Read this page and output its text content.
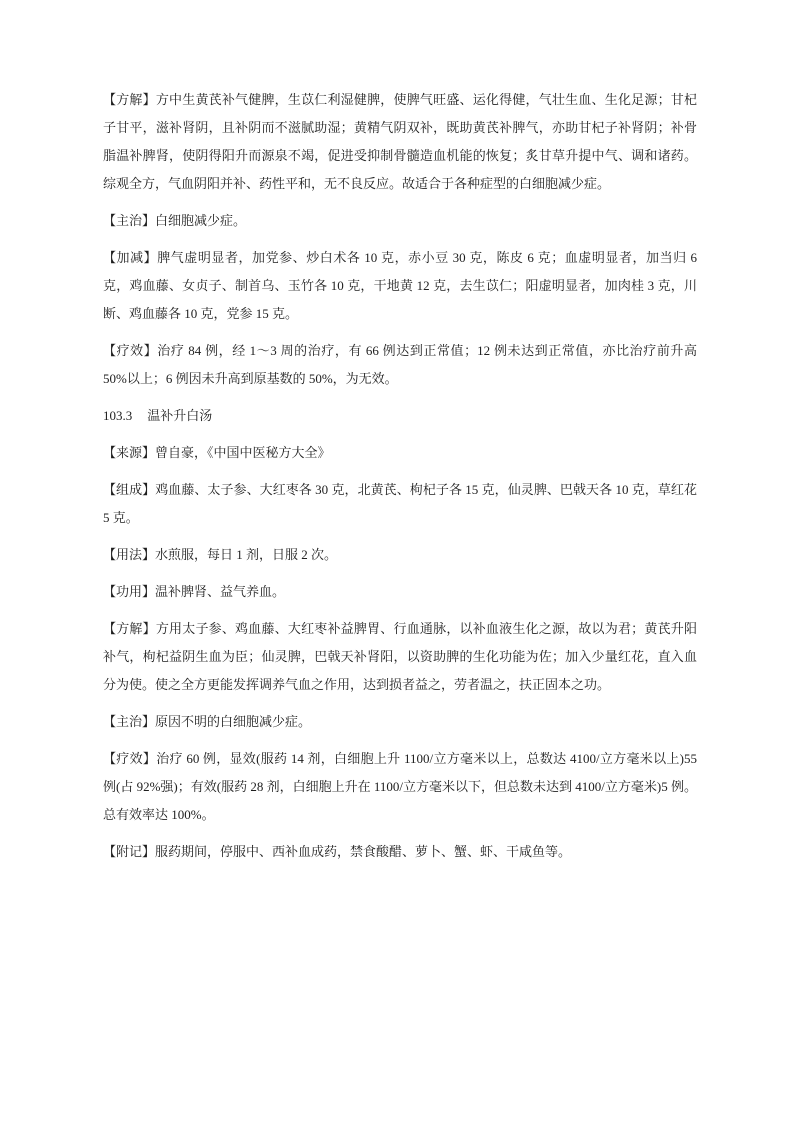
【方解】方中生黄芪补气健脾，生苡仁利湿健脾，使脾气旺盛、运化得健，气壮生血、生化足源；甘杞子甘平，滋补肾阴，且补阴而不滋腻助湿；黄精气阴双补，既助黄芪补脾气，亦助甘杞子补肾阴；补骨脂温补脾肾，使阴得阳升而源泉不竭，促进受抑制骨髓造血机能的恢复；炙甘草升提中气、调和诸药。综观全方，气血阴阳并补、药性平和，无不良反应。故适合于各种症型的白细胞减少症。

【主治】白细胞减少症。

【加减】脾气虚明显者，加党参、炒白术各 10 克，赤小豆 30 克，陈皮 6 克；血虚明显者，加当归 6 克，鸡血藤、女贞子、制首乌、玉竹各 10 克，干地黄 12 克，去生苡仁；阳虚明显者，加肉桂 3 克，川断、鸡血藤各 10 克，党参 15 克。

【疗效】治疗 84 例，经 1～3 周的治疗，有 66 例达到正常值；12 例未达到正常值，亦比治疗前升高 50%以上；6 例因未升高到原基数的 50%，为无效。

103.3 温补升白汤

【来源】曾自豪，《中国中医秘方大全》

【组成】鸡血藤、太子参、大红枣各 30 克，北黄芪、枸杞子各 15 克，仙灵脾、巴戟天各 10 克，草红花 5 克。

【用法】水煎服，每日 1 剂，日服 2 次。

【功用】温补脾肾、益气养血。

【方解】方用太子参、鸡血藤、大红枣补益脾胃、行血通脉，以补血液生化之源，故以为君；黄芪升阳补气，枸杞益阴生血为臣；仙灵脾，巴戟天补肾阳，以资助脾的生化功能为佐；加入少量红花，直入血分为使。使之全方更能发挥调养气血之作用，达到损者益之，劳者温之，扶正固本之功。

【主治】原因不明的白细胞减少症。

【疗效】治疗 60 例，显效(服药 14 剂，白细胞上升 1100/立方毫米以上，总数达 4100/立方毫米以上)55 例(占 92%强)；有效(服药 28 剂，白细胞上升在 1100/立方毫米以下，但总数未达到 4100/立方毫米)5 例。总有效率达 100%。

【附记】服药期间，停服中、西补血成药，禁食酸醋、萝卜、蟹、虾、干咸鱼等。
